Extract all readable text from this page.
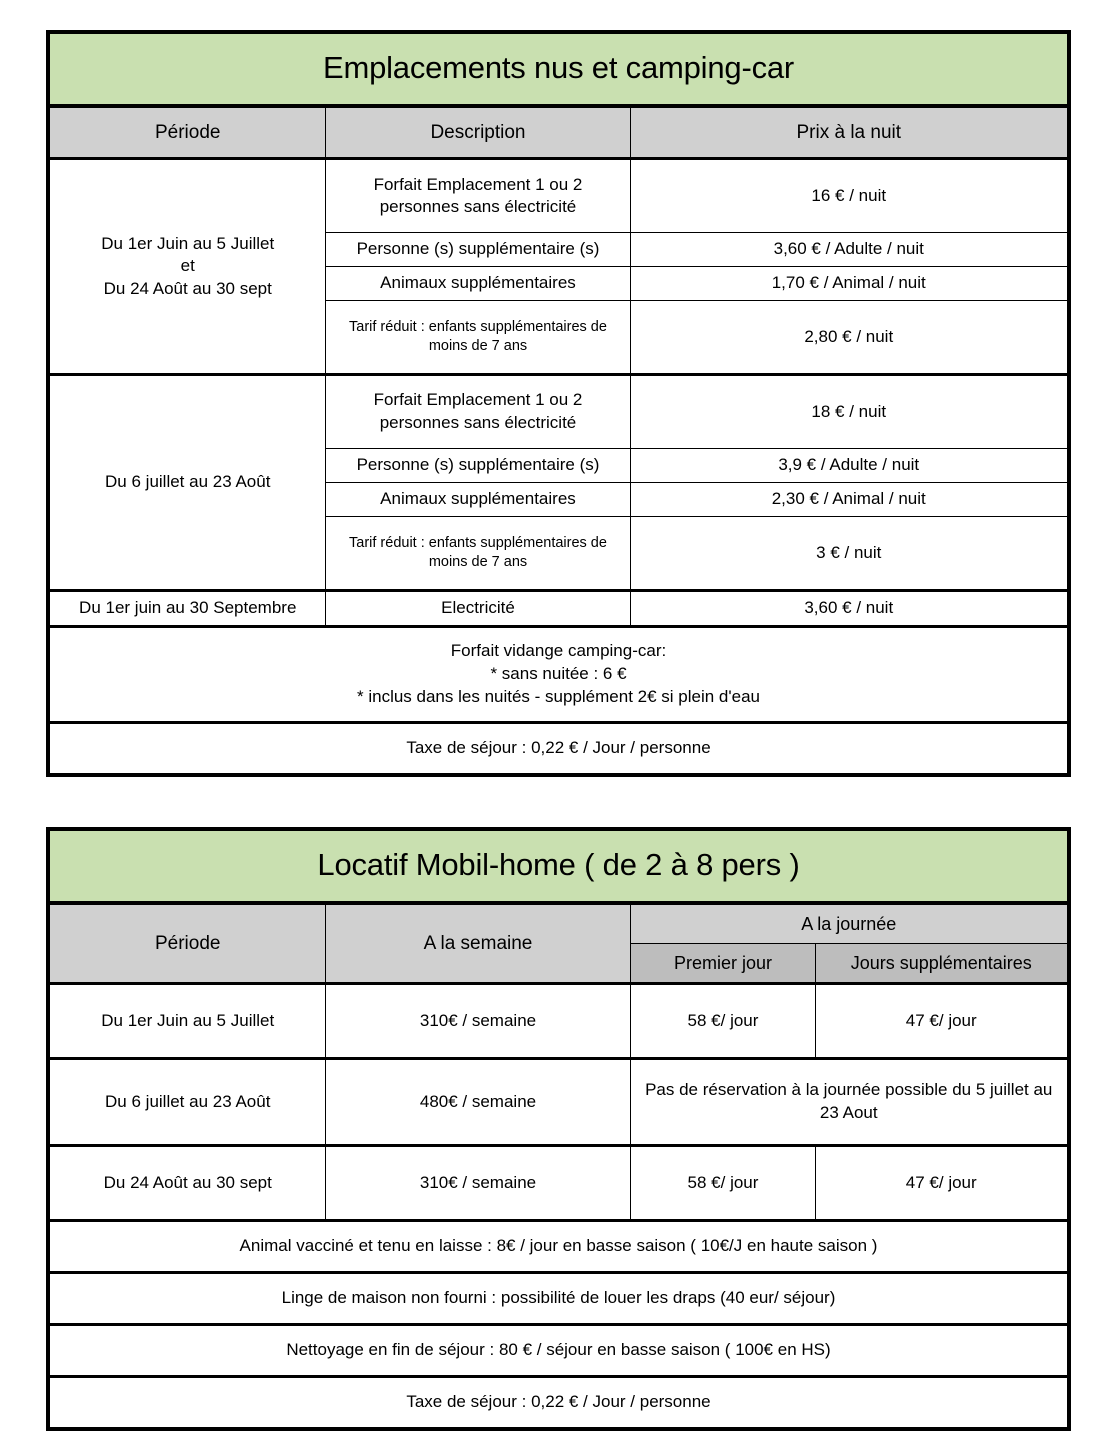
Emplacements nus et camping-car		
Période	Description	Prix à la nuit

Du 1er Juin au 5 Juillet
et
Du 24 Août au 30 sept	Forfait Emplacement 1 ou 2 personnes sans électricité	16 € / nuit
	Personne (s) supplémentaire (s)	3,60 € / Adulte / nuit
	Animaux supplémentaires	1,70 € / Animal / nuit
	Tarif réduit : enfants supplémentaires de moins de 7 ans	2,80 € / nuit

Du 6 juillet au 23 Août	Forfait Emplacement 1 ou 2 personnes sans électricité	18 € / nuit
	Personne (s) supplémentaire (s)	3,9 € / Adulte / nuit
	Animaux supplémentaires	2,30 € / Animal / nuit
	Tarif réduit : enfants supplémentaires de moins de 7 ans	3 € / nuit
Du 1er juin au 30 Septembre	Electricité	3,60 € / nuit

Forfait vidange camping-car:
* sans nuitée : 6 €
* inclus dans les nuités - supplément 2€ si plein d'eau		

Taxe de séjour : 0,22 € / Jour / personne		
Locatif Mobil-home ( de 2 à 8 pers )			
Période	A la semaine	A la journée	
		Premier jour	Jours supplémentaires
Du 1er Juin au 5 Juillet	310€ / semaine	58 €/ jour	47 €/ jour
Du 6 juillet au 23 Août	480€ / semaine	Pas de réservation à la journée possible du 5 juillet au 23 Aout	
Du 24 Août au 30 sept	310€ / semaine	58 €/ jour	47 €/ jour
Animal vacciné et tenu en laisse : 8€ / jour en basse saison ( 10€/J en haute saison )			
Linge de maison non fourni : possibilité de louer les draps (40 eur/ séjour)			
Nettoyage en fin de séjour : 80 € / séjour en basse saison ( 100€ en HS)			
Taxe de séjour : 0,22 € / Jour / personne			
